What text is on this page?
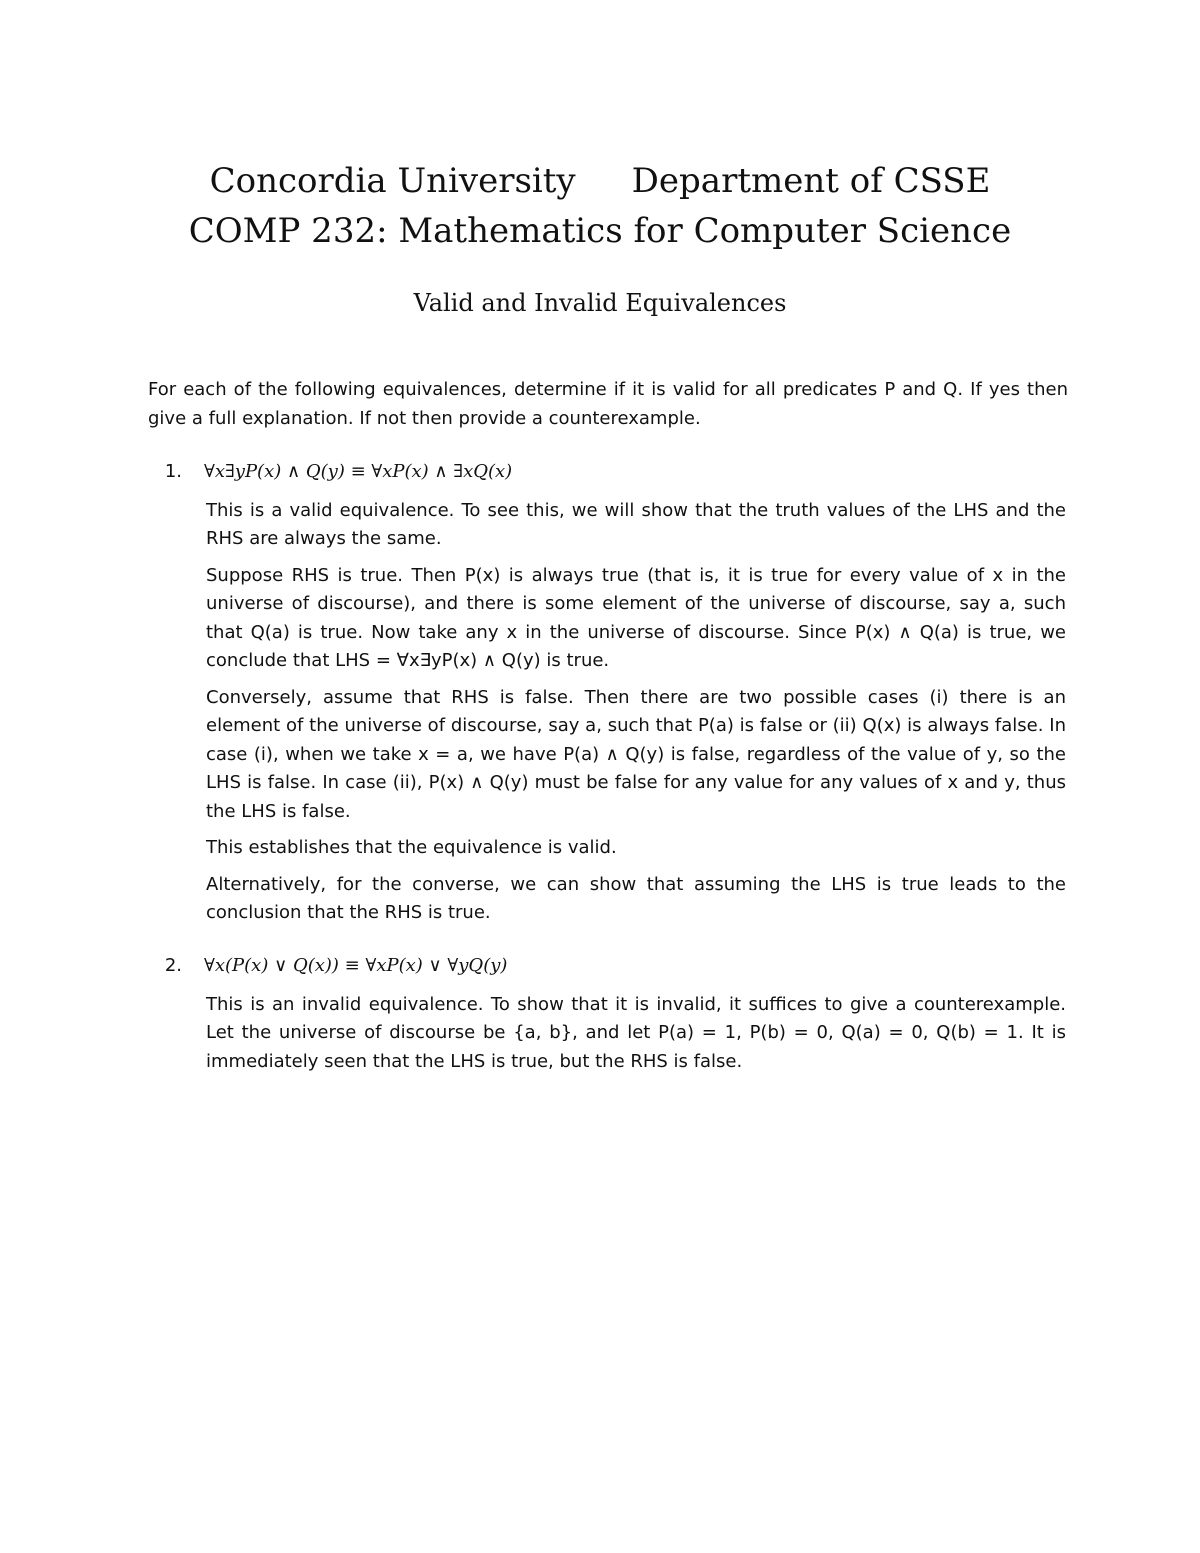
Concordia University Department of CSSE
COMP 232: Mathematics for Computer Science
Valid and Invalid Equivalences

For each of the following equivalences, determine if it is valid for all predicates P and Q. If yes then give a full explanation. If not then provide a counterexample.

1. ∀x∃yP(x) ∧ Q(y) ≡ ∀xP(x) ∧ ∃xQ(x)

This is a valid equivalence. To see this, we will show that the truth values of the LHS and the RHS are always the same.

Suppose RHS is true. Then P(x) is always true (that is, it is true for every value of x in the universe of discourse), and there is some element of the universe of discourse, say a, such that Q(a) is true. Now take any x in the universe of discourse. Since P(x) ∧ Q(a) is true, we conclude that LHS = ∀x∃yP(x) ∧ Q(y) is true.

Conversely, assume that RHS is false. Then there are two possible cases (i) there is an element of the universe of discourse, say a, such that P(a) is false or (ii) Q(x) is always false. In case (i), when we take x = a, we have P(a) ∧ Q(y) is false, regardless of the value of y, so the LHS is false. In case (ii), P(x) ∧ Q(y) must be false for any value for any values of x and y, thus the LHS is false.

This establishes that the equivalence is valid.

Alternatively, for the converse, we can show that assuming the LHS is true leads to the conclusion that the RHS is true.

2. ∀x(P(x) ∨ Q(x)) ≡ ∀xP(x) ∨ ∀yQ(y)

This is an invalid equivalence. To show that it is invalid, it suffices to give a counterexample. Let the universe of discourse be {a, b}, and let P(a) = 1, P(b) = 0, Q(a) = 0, Q(b) = 1. It is immediately seen that the LHS is true, but the RHS is false.
